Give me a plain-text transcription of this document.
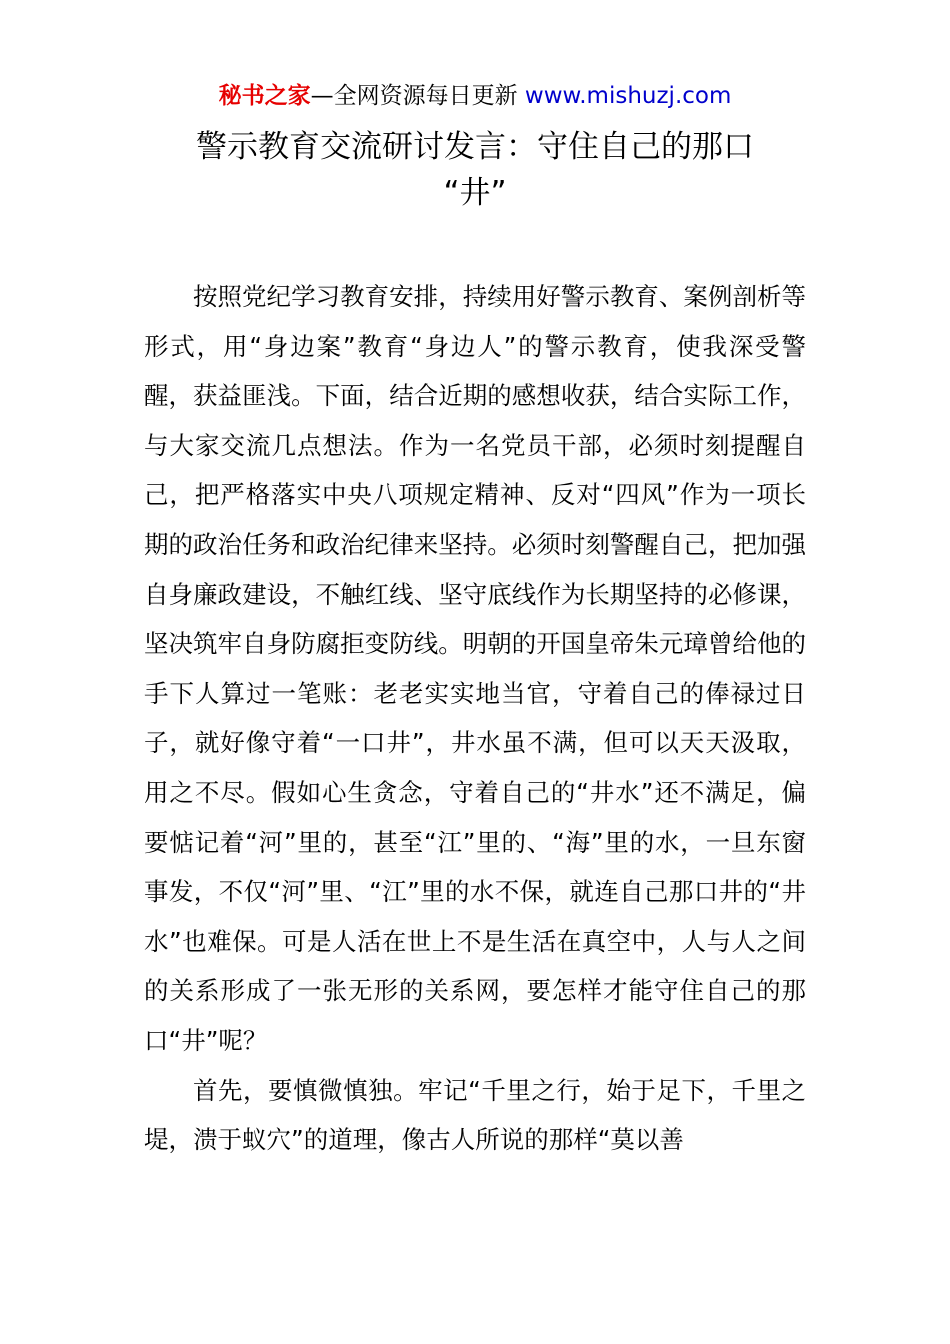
秘书之家—全网资源每日更新 www.mishuzj.com
警示教育交流研讨发言：守住自己的那口
“井”

按照党纪学习教育安排，持续用好警示教育、案例剖析等形式，用“身边案”教育“身边人”的警示教育，使我深受警醒，获益匪浅。下面，结合近期的感想收获，结合实际工作，与大家交流几点想法。作为一名党员干部，必须时刻提醒自己，把严格落实中央八项规定精神、反对“四风”作为一项长期的政治任务和政治纪律来坚持。必须时刻警醒自己，把加强自身廉政建设，不触红线、坚守底线作为长期坚持的必修课，坚决筑牢自身防腐拒变防线。明朝的开国皇帝朱元璋曾给他的手下人算过一笔账：老老实实地当官，守着自己的俸禄过日子，就好像守着“一口井”，井水虽不满，但可以天天汲取，用之不尽。假如心生贪念，守着自己的“井水”还不满足，偏要惦记着“河”里的，甚至“江”里的、“海”里的水，一旦东窗事发，不仅“河”里、“江”里的水不保，就连自己那口井的“井水”也难保。可是人活在世上不是生活在真空中，人与人之间的关系形成了一张无形的关系网，要怎样才能守住自己的那口“井”呢？

首先，要慎微慎独。牢记“千里之行，始于足下，千里之堤，溃于蚁穴”的道理，像古人所说的那样“莫以善
